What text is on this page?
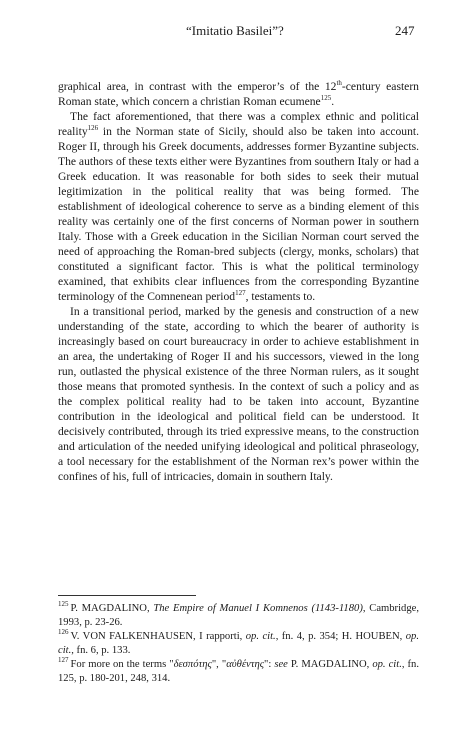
“Imitatio Basilei”?	247

graphical area, in contrast with the emperor’s of the 12th-century eastern Roman state, which concern a christian Roman ecumene$^{125}$.

The fact aforementioned, that there was a complex ethnic and political reality$^{126}$ in the Norman state of Sicily, should also be taken into account. Roger II, through his Greek documents, addresses former Byzantine subjects. The authors of these texts either were Byzantines from southern Italy or had a Greek education. It was reasonable for both sides to seek their mutual legitimization in the political reality that was being formed. The establishment of ideological coherence to serve as a binding element of this reality was certainly one of the first concerns of Norman power in southern Italy. Those with a Greek education in the Sicilian Norman court served the need of approaching the Roman-bred subjects (clergy, monks, scholars) that constituted a significant factor. This is what the political terminology examined, that exhibits clear influences from the corresponding Byzantine terminology of the Comnenean period$^{127}$, testaments to.

In a transitional period, marked by the genesis and construction of a new understanding of the state, according to which the bearer of authority is increasingly based on court bureaucracy in order to achieve establishment in an area, the undertaking of Roger II and his successors, viewed in the long run, outlasted the physical existence of the three Norman rulers, as it sought those means that promoted synthesis. In the context of such a policy and as the complex political reality had to be taken into account, Byzantine contribution in the ideological and political field can be understood. It decisively contributed, through its tried expressive means, to the construction and articulation of the needed unifying ideological and political phraseology, a tool necessary for the establishment of the Norman rex’s power within the confines of his, full of intricacies, domain in southern Italy.

$^{125}$ P. MAGDALINO, The Empire of Manuel I Komnenos (1143-1180), Cambridge, 1993, p. 23-26.

$^{126}$ V. VON FALKENHAUSEN, I rapporti, op. cit., fn. 4, p. 354; H. HOUBEN, op. cit., fn. 6, p. 133.

$^{127}$ For more on the terms "δεσπότης", "αὐθέντης": see P. MAGDALINO, op. cit., fn. 125, p. 180-201, 248, 314.
